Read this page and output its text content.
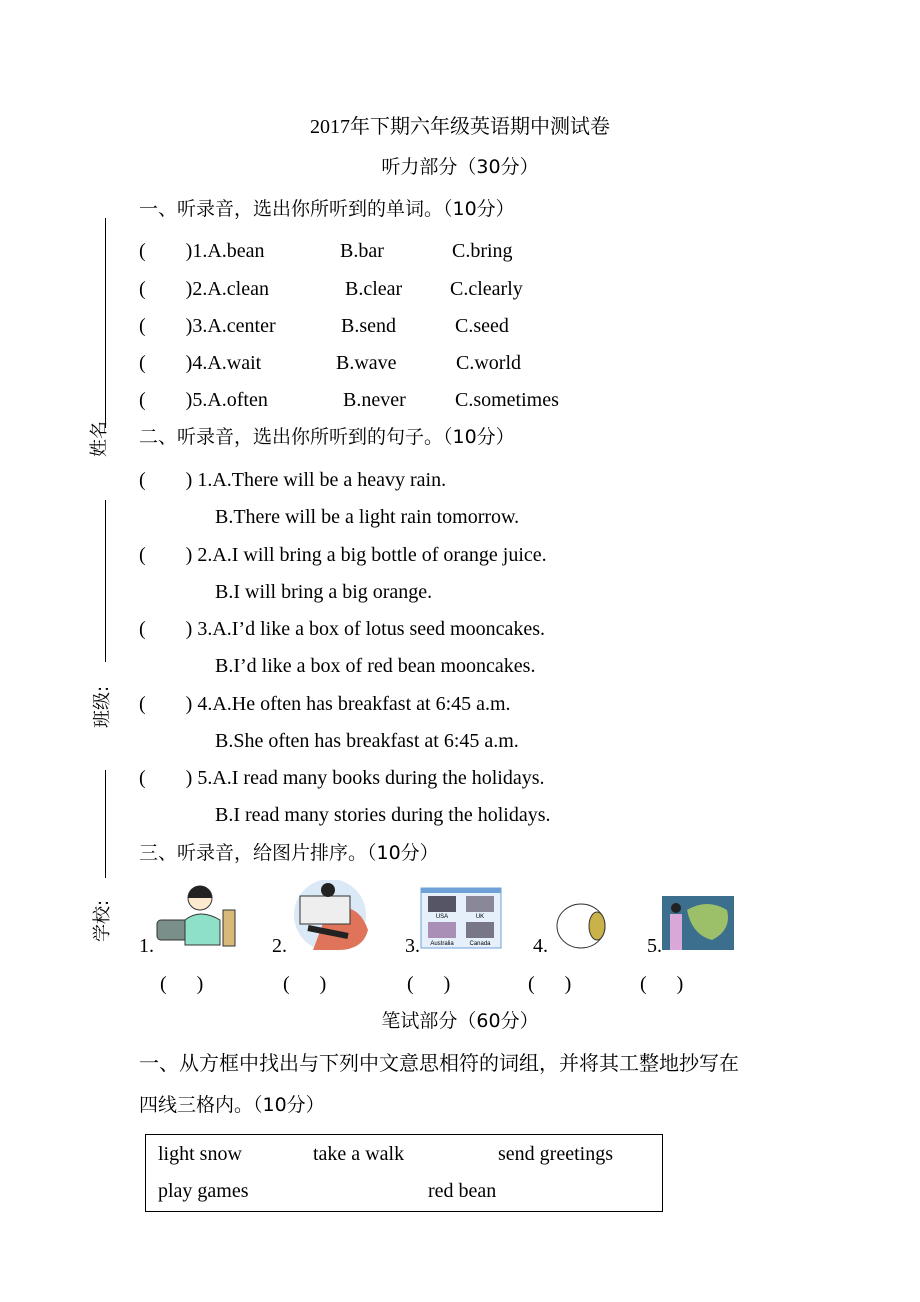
2017年下期六年级英语期中测试卷
听力部分（30分）
姓名
班级:
学校:
一、听录音，选出你所听到的单词。（10分）
二、听录音，选出你所听到的句子。（10分）
三、听录音，给图片排序。（10分）
USA	UK
Australia	Canada
笔试部分（60分）
一、从方框中找出与下列中文意思相符的词组，并将其工整地抄写在
四线三格内。（10分）
light snow	take a walk	send greetings
play games	red bean
(        )1.A.bean	B.bar	C.bring
(        )2.A.clean	B.clear C.clearly
(        )3.A.center	B.send	C.seed
(        )4.A.wait	B.wave	C.world
(        )5.A.often	B.never C.sometimes
(        ) 1.A.There will be a heavy rain.
B.There will be a light rain tomorrow.
(        ) 2.A.I will bring a big bottle of orange juice.
B.I will bring a big orange.
(        ) 3.A.I’d like a box of lotus seed mooncakes.
B.I’d like a box of red bean mooncakes.
(        ) 4.A.He often has breakfast at 6:45 a.m.
B.She often has breakfast at 6:45 a.m.
(        ) 5.A.I read many books during the holidays.
B.I read many stories during the holidays.
1.
(      )
2.
(      )
3.
(      )
4.
(      )
5.
(      )
